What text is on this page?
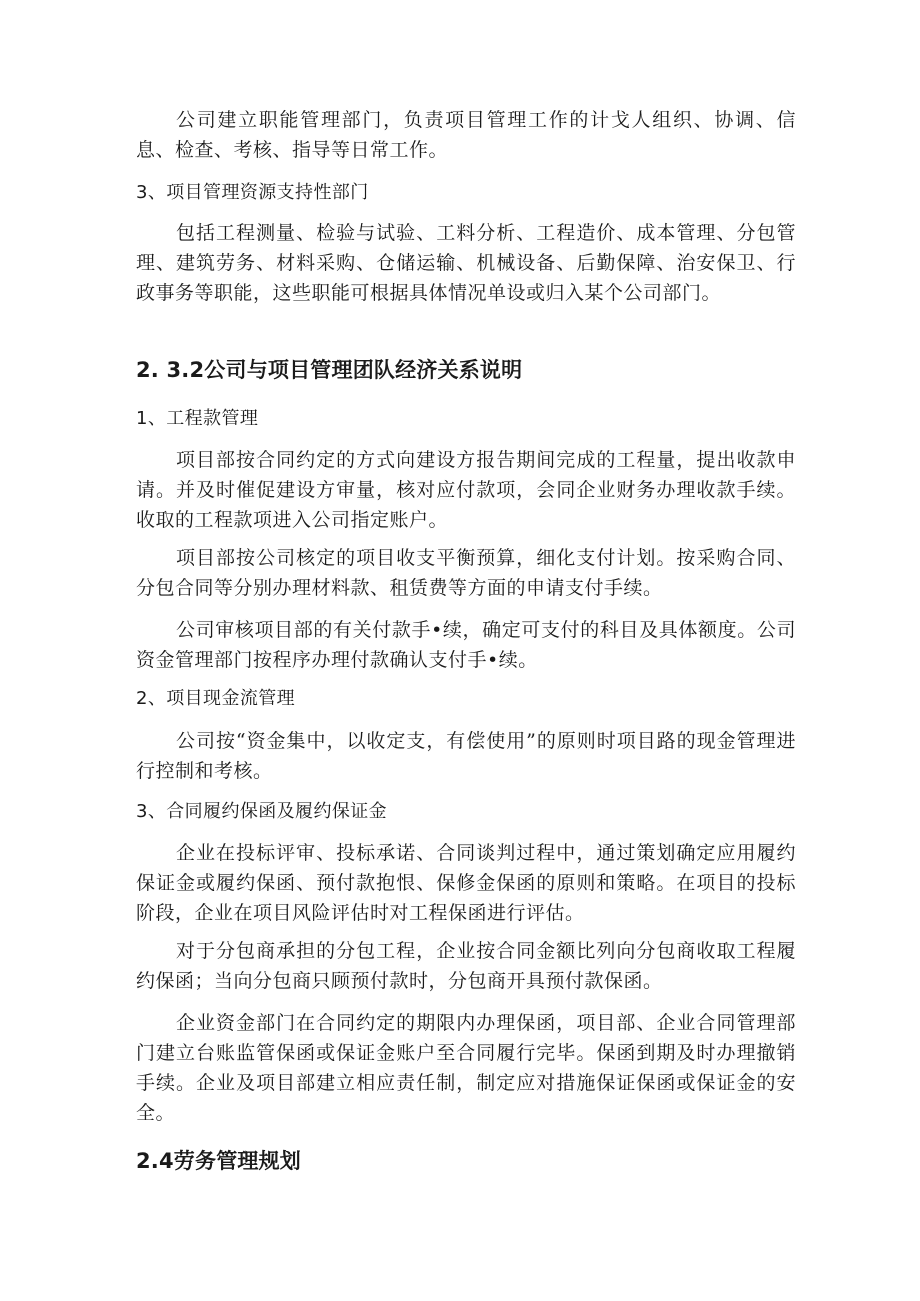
公司建立职能管理部门，负责项目管理工作的计戈人组织、协调、信息、检查、考核、指导等日常工作。

3、项目管理资源支持性部门

包括工程测量、检验与试验、工料分析、工程造价、成本管理、分包管理、建筑劳务、材料采购、仓储运输、机械设备、后勤保障、治安保卫、行政事务等职能，这些职能可根据具体情况单设或归入某个公司部门。

2. 3.2公司与项目管理团队经济关系说明

1、工程款管理

项目部按合同约定的方式向建设方报告期间完成的工程量，提出收款申请。并及时催促建设方审量，核对应付款项，会同企业财务办理收款手续。收取的工程款项进入公司指定账户。

项目部按公司核定的项目收支平衡预算，细化支付计划。按采购合同、分包合同等分别办理材料款、租赁费等方面的申请支付手续。

公司审核项目部的有关付款手•续，确定可支付的科目及具体额度。公司资金管理部门按程序办理付款确认支付手•续。

2、项目现金流管理

公司按“资金集中，以收定支，有偿使用”的原则时项目路的现金管理进行控制和考核。

3、合同履约保函及履约保证金

企业在投标评审、投标承诺、合同谈判过程中，通过策划确定应用履约保证金或履约保函、预付款抱恨、保修金保函的原则和策略。在项目的投标阶段，企业在项目风险评估时对工程保函进行评估。

对于分包商承担的分包工程，企业按合同金额比列向分包商收取工程履约保函；当向分包商只顾预付款时，分包商开具预付款保函。

企业资金部门在合同约定的期限内办理保函，项目部、企业合同管理部门建立台账监管保函或保证金账户至合同履行完毕。保函到期及时办理撤销手续。企业及项目部建立相应责任制，制定应对措施保证保函或保证金的安全。

2.4劳务管理规划
